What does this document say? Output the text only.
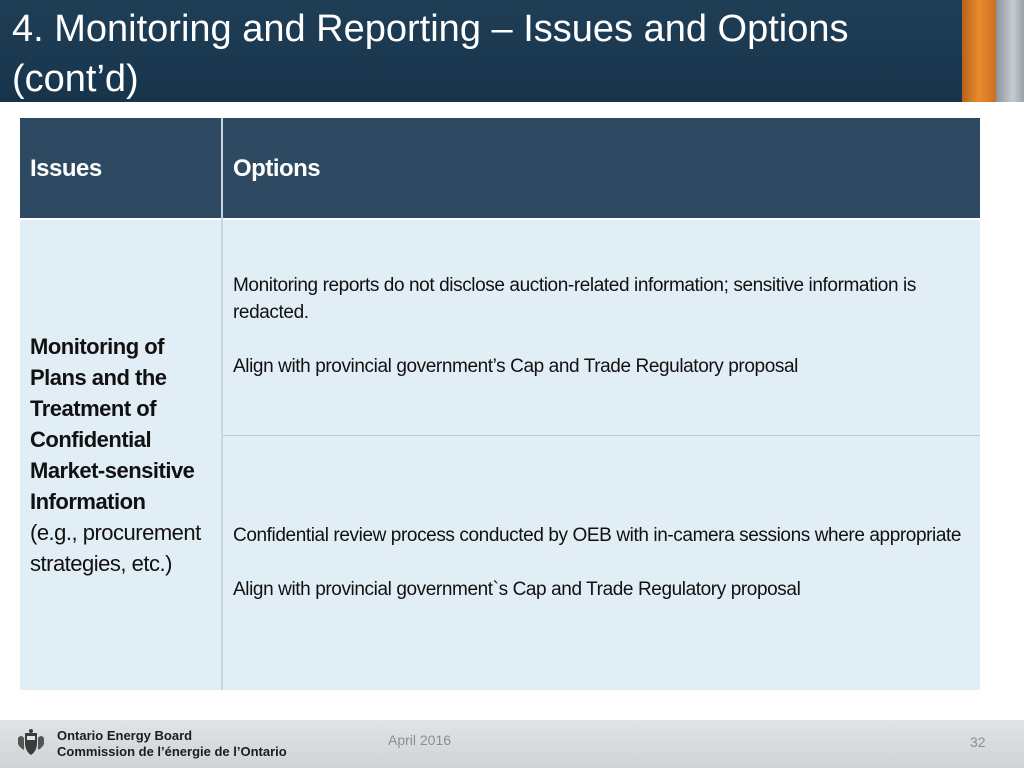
4. Monitoring and Reporting – Issues and Options (cont’d)
Issues	Options
Monitoring of
Plans and the
Treatment of
Confidential
Market-sensitive
Information
(e.g., procurement
strategies, etc.)

Monitoring reports do not disclose auction-related information; sensitive information is redacted.

Align with provincial government’s Cap and Trade Regulatory proposal

Confidential review process conducted by OEB with in-camera sessions where appropriate

Align with provincial government`s Cap and Trade Regulatory proposal

Ontario Energy Board
Commission de l’énergie de l’Ontario
April 2016	32
